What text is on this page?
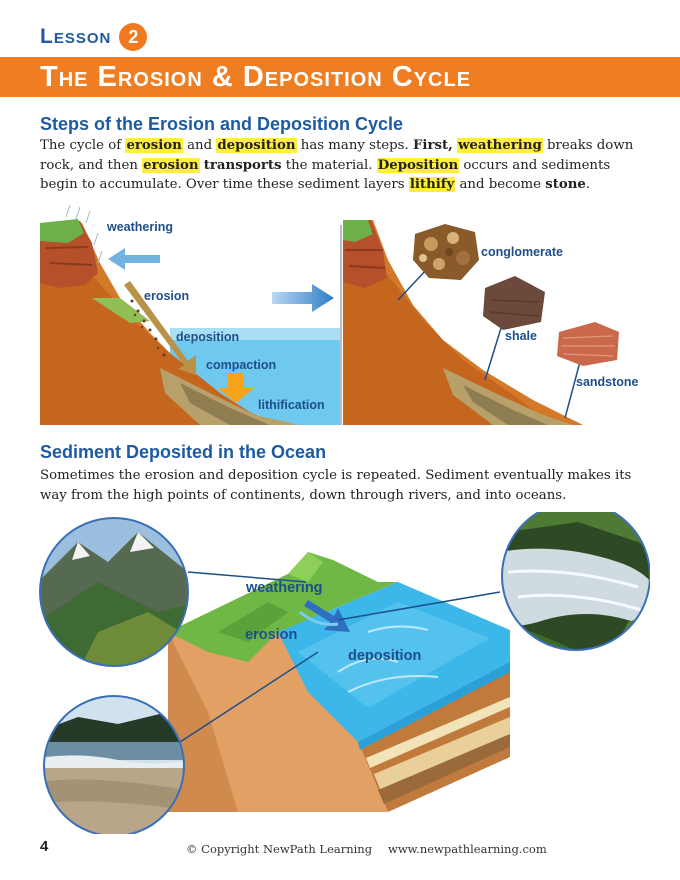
Lesson 2
The Erosion & Deposition Cycle
Steps of the Erosion and Deposition Cycle

The cycle of erosion and deposition has many steps. First, weathering breaks down rock, and then erosion transports the material. Deposition occurs and sediments begin to accumulate. Over time these sediment layers lithify and become stone.

weathering
erosion
deposition
compaction
lithification
conglomerate
shale
sandstone
Sediment Deposited in the Ocean

Sometimes the erosion and deposition cycle is repeated. Sediment eventually makes its way from the high points of continents, down through rivers, and into oceans.

weathering
erosion
deposition
4	© Copyright NewPath Learning www.newpathlearning.com
